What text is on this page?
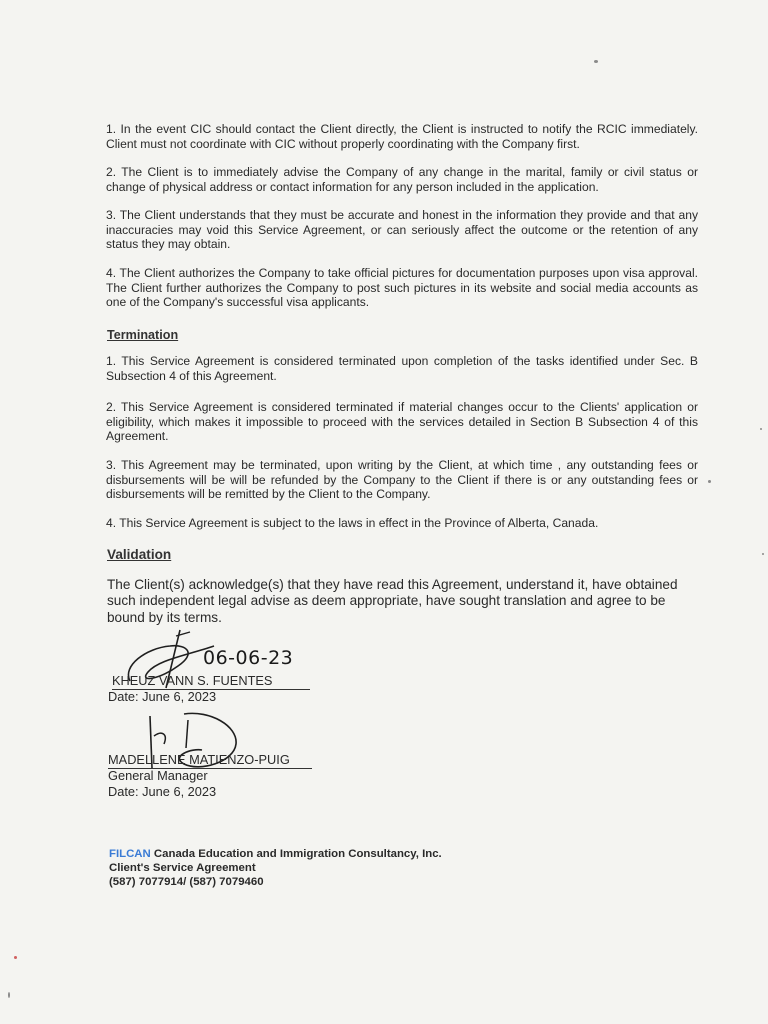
1. In the event CIC should contact the Client directly, the Client is instructed to notify the RCIC immediately. Client must not coordinate with CIC without properly coordinating with the Company first.

2. The Client is to immediately advise the Company of any change in the marital, family or civil status or change of physical address or contact information for any person included in the application.

3. The Client understands that they must be accurate and honest in the information they provide and that any inaccuracies may void this Service Agreement, or can seriously affect the outcome or the retention of any status they may obtain.

4. The Client authorizes the Company to take official pictures for documentation purposes upon visa approval. The Client further authorizes the Company to post such pictures in its website and social media accounts as one of the Company's successful visa applicants.

Termination

1. This Service Agreement is considered terminated upon completion of the tasks identified under Sec. B Subsection 4 of this Agreement.

2. This Service Agreement is considered terminated if material changes occur to the Clients' application or eligibility, which makes it impossible to proceed with the services detailed in Section B Subsection 4 of this Agreement.

3. This Agreement may be terminated, upon writing by the Client, at which time , any outstanding fees or disbursements will be will be refunded by the Company to the Client if there is or any outstanding fees or disbursements will be remitted by the Client to the Company.

4. This Service Agreement is subject to the laws in effect in the Province of Alberta, Canada.

Validation

The Client(s) acknowledge(s) that they have read this Agreement, understand it, have obtained such independent legal advise as deem appropriate, have sought translation and agree to be bound by its terms.

06-06-23
KHEUZ VANN S. FUENTES
Date: June 6, 2023
MADELLENE MATIENZO-PUIG
General Manager
Date: June 6, 2023
FILCAN Canada Education and Immigration Consultancy, Inc.
Client's Service Agreement
(587) 7077914/ (587) 7079460
